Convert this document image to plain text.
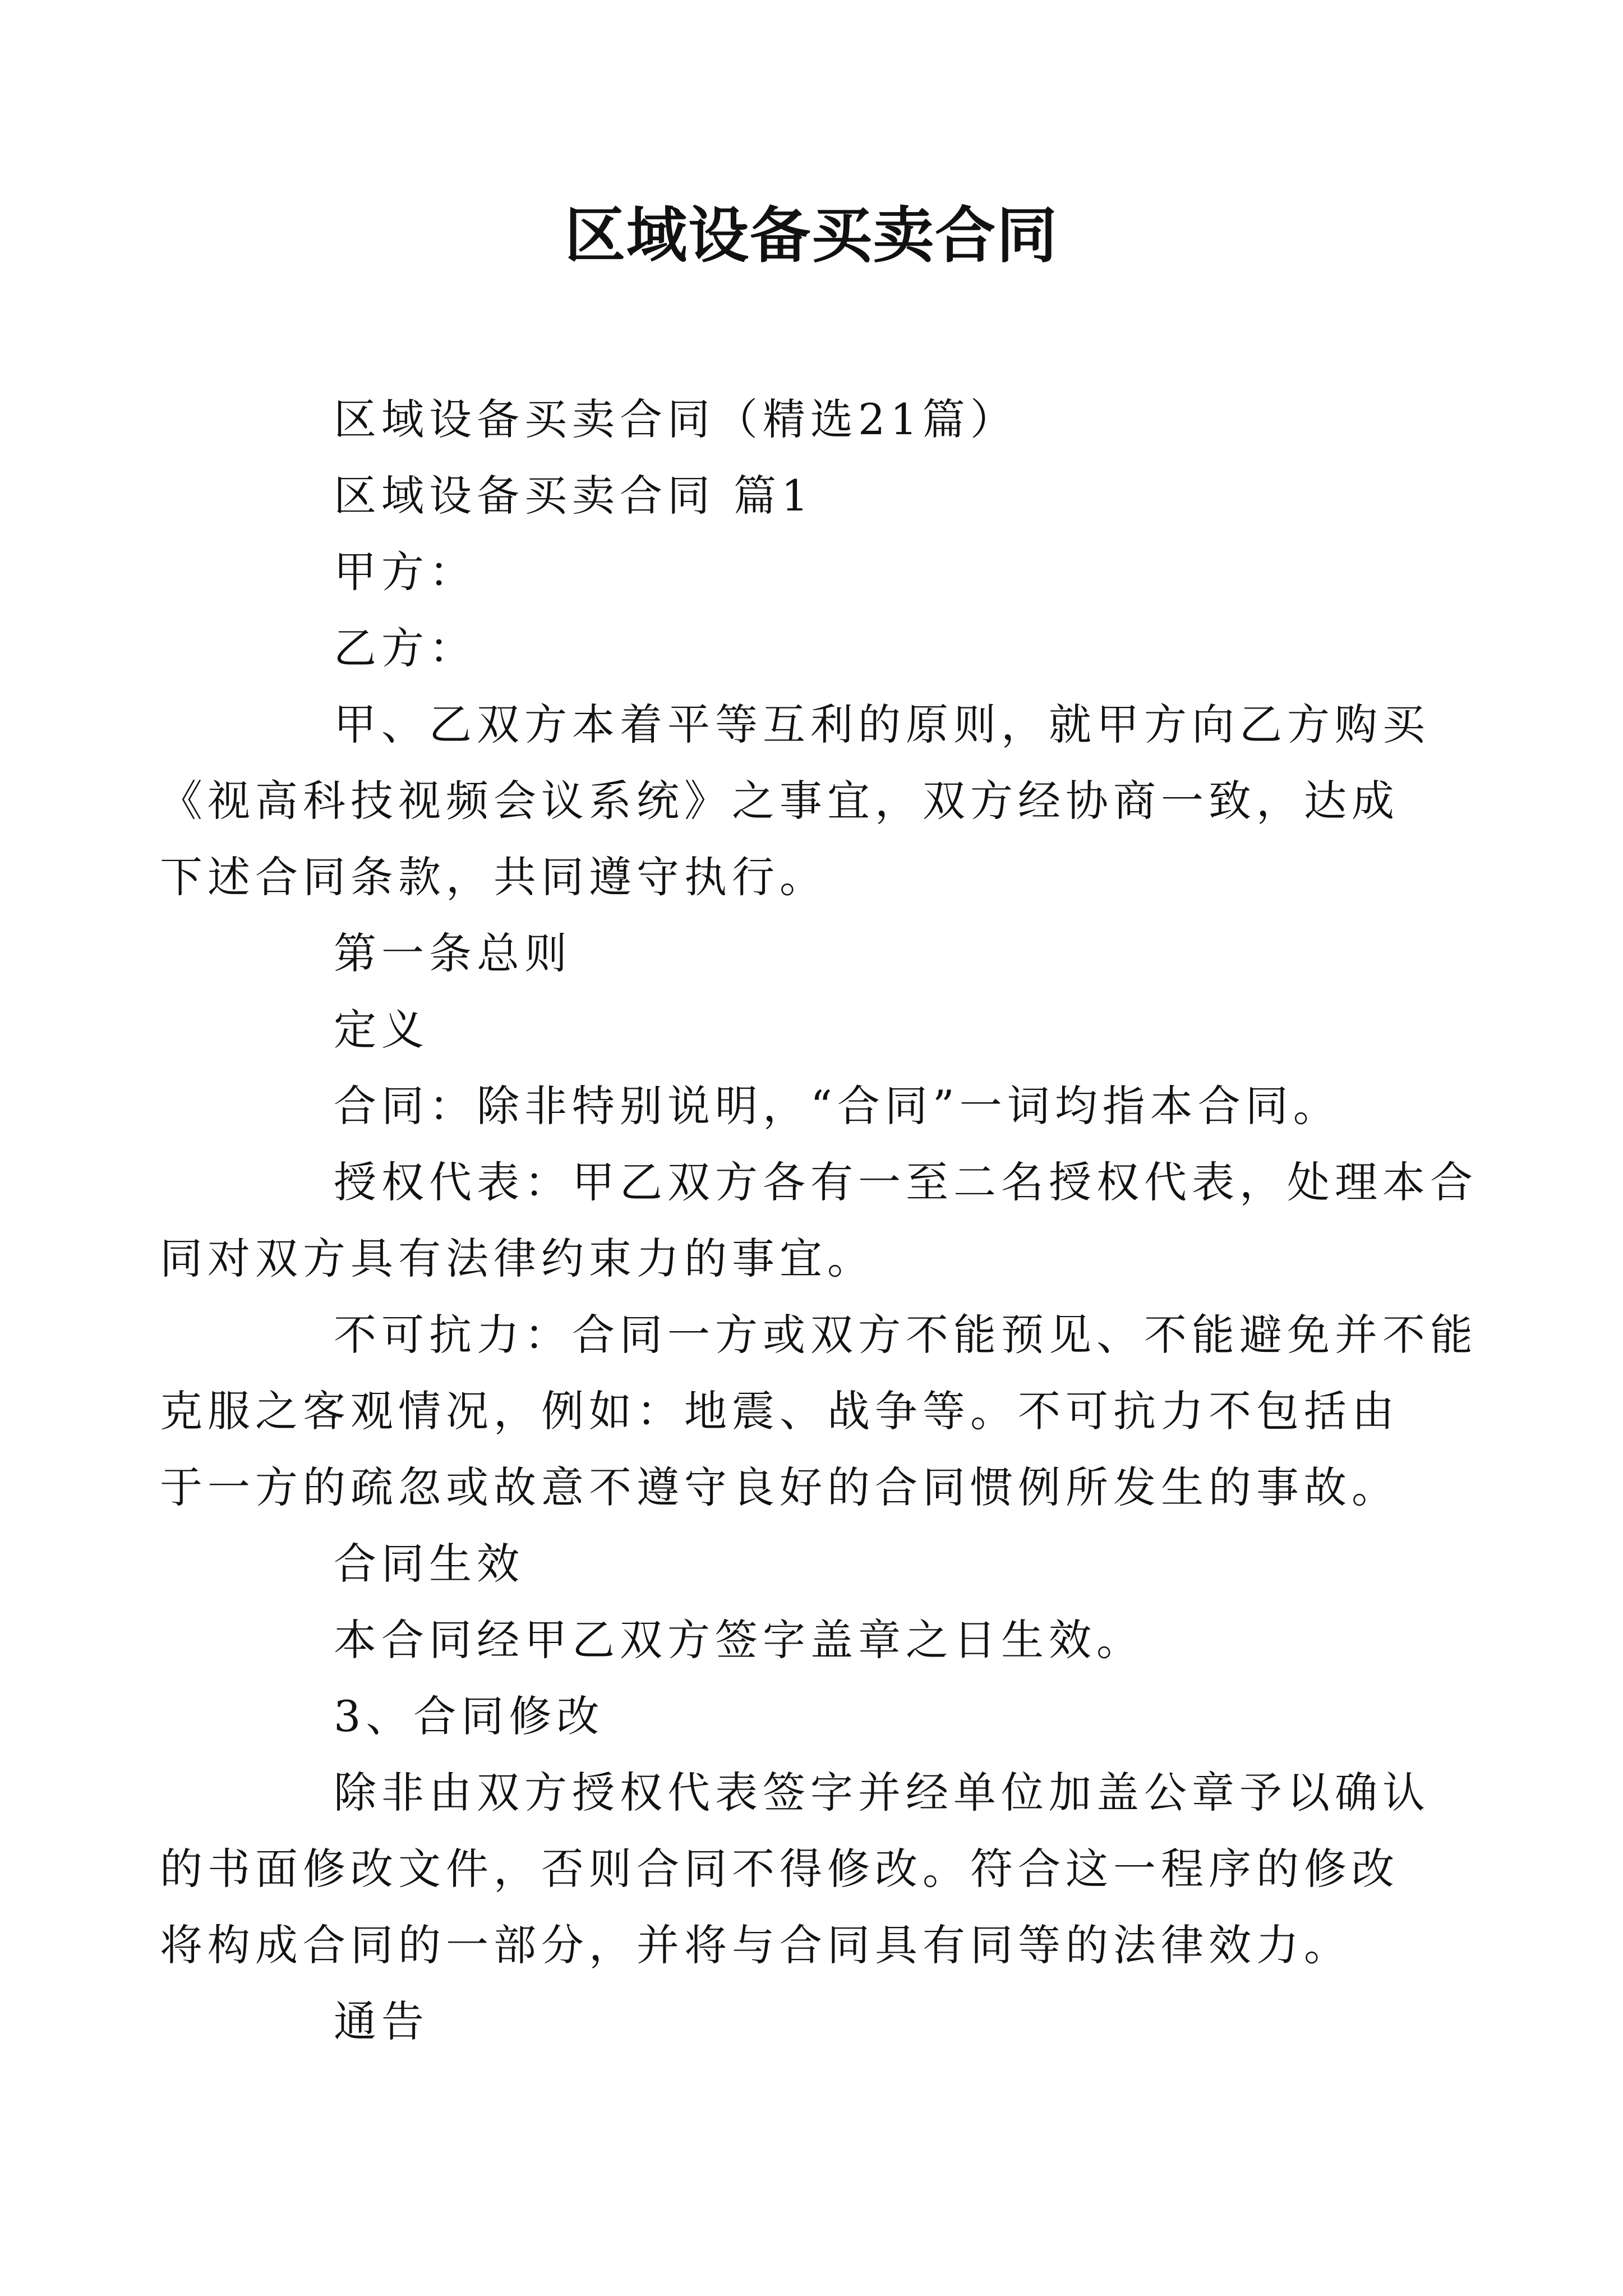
区域设备买卖合同

区域设备买卖合同（精选21篇）

区域设备买卖合同 篇1

甲方：

乙方：

甲、乙双方本着平等互利的原则，就甲方向乙方购买
《视高科技视频会议系统》之事宜，双方经协商一致，达成
下述合同条款，共同遵守执行。

第一条总则

定义

合同：除非特别说明，“合同”一词均指本合同。

授权代表：甲乙双方各有一至二名授权代表，处理本合
同对双方具有法律约束力的事宜。

不可抗力：合同一方或双方不能预见、不能避免并不能
克服之客观情况，例如：地震、战争等。不可抗力不包括由
于一方的疏忽或故意不遵守良好的合同惯例所发生的事故。

合同生效

本合同经甲乙双方签字盖章之日生效。

3、合同修改

除非由双方授权代表签字并经单位加盖公章予以确认
的书面修改文件，否则合同不得修改。符合这一程序的修改
将构成合同的一部分，并将与合同具有同等的法律效力。

通告
